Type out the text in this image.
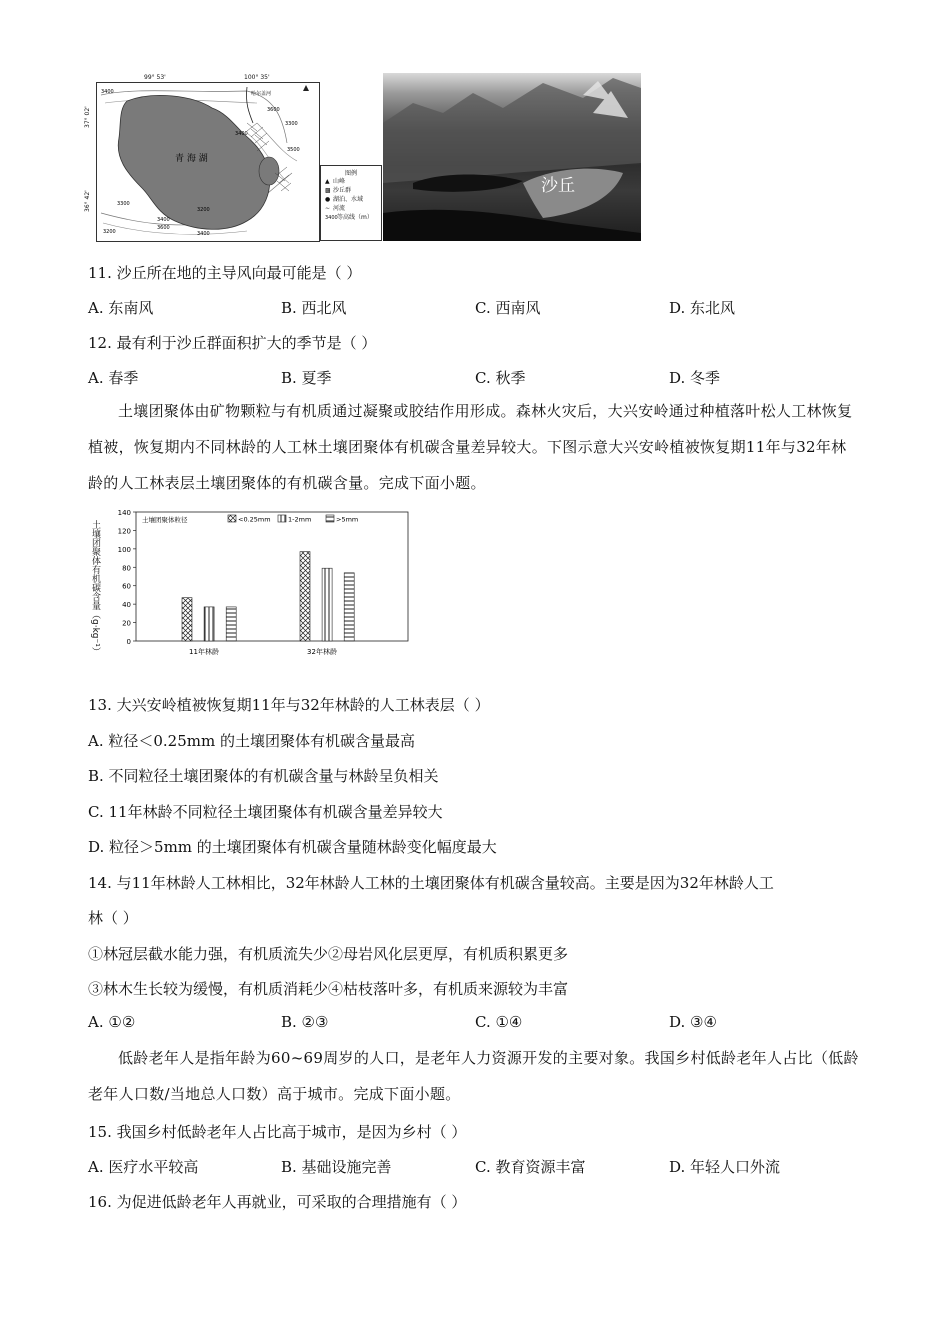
青 海 湖
哈尔盖河
3400
3600
3400
3500
3300
3200
3300
3400
3600
3200	3400
99° 53'	100° 35'
37° 02'
36° 42'
图例
▲ 山峰
▩ 沙丘群
● 湖泊、水域
∼ 河流
3400等高线（m）
沙丘
11. 沙丘所在地的主导风向最可能是（ ）
A. 东南风	B. 西北风	C. 西南风	D. 东北风
12. 最有利于沙丘群面积扩大的季节是（ ）
A. 春季	B. 夏季	C. 秋季	D. 冬季
土壤团聚体由矿物颗粒与有机质通过凝聚或胶结作用形成。森林火灾后，大兴安岭通过种植落叶松人工林恢复植被，恢复期内不同林龄的人工林土壤团聚体有机碳含量差异较大。下图示意大兴安岭植被恢复期11年与32年林龄的人工林表层土壤团聚体的有机碳含量。完成下面小题。
0
20
40
60
80
100
120
140
11年林龄	32年林龄
土壤团聚体粒径	<0.25mm	1-2mm	>5mm
土壤团聚体有机碳含量（g·kg⁻¹）
13. 大兴安岭植被恢复期11年与32年林龄的人工林表层（ ）
A. 粒径＜0.25mm 的土壤团聚体有机碳含量最高
B. 不同粒径土壤团聚体的有机碳含量与林龄呈负相关
C. 11年林龄不同粒径土壤团聚体有机碳含量差异较大
D. 粒径＞5mm 的土壤团聚体有机碳含量随林龄变化幅度最大
14. 与11年林龄人工林相比，32年林龄人工林的土壤团聚体有机碳含量较高。主要是因为32年林龄人工
林（ ）
①林冠层截水能力强，有机质流失少②母岩风化层更厚，有机质积累更多
③林木生长较为缓慢，有机质消耗少④枯枝落叶多，有机质来源较为丰富
A. ①②	B. ②③	C. ①④	D. ③④
低龄老年人是指年龄为60~69周岁的人口，是老年人力资源开发的主要对象。我国乡村低龄老年人占比（低龄老年人口数/当地总人口数）高于城市。完成下面小题。
15. 我国乡村低龄老年人占比高于城市，是因为乡村（ ）
A. 医疗水平较高	B. 基础设施完善	C. 教育资源丰富	D. 年轻人口外流
16. 为促进低龄老年人再就业，可采取的合理措施有（ ）
